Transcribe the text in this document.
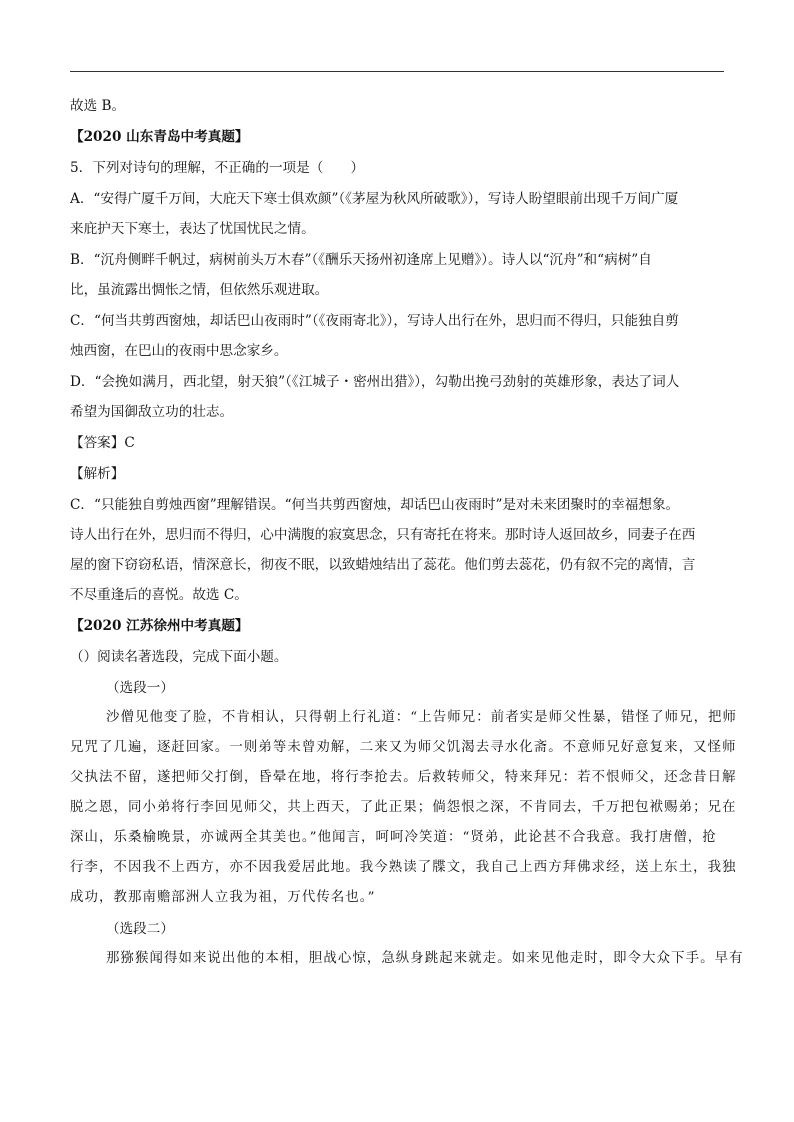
故选 B。

【2020 山东青岛中考真题】

5．下列对诗句的理解，不正确的一项是（　　）

A．“安得广厦千万间，大庇天下寒士俱欢颜”（《茅屋为秋风所破歌》），写诗人盼望眼前出现千万间广厦

来庇护天下寒士，表达了忧国忧民之情。

B．“沉舟侧畔千帆过，病树前头万木春”（《酬乐天扬州初逢席上见赠》）。诗人以“沉舟”和“病树”自

比，虽流露出惆怅之情，但依然乐观进取。

C．“何当共剪西窗烛，却话巴山夜雨时”（《夜雨寄北》），写诗人出行在外，思归而不得归，只能独自剪

烛西窗，在巴山的夜雨中思念家乡。

D．“会挽如满月，西北望，射天狼”（《江城子・密州出猎》），勾勒出挽弓劲射的英雄形象，表达了词人

希望为国御敌立功的壮志。

【答案】C

【解析】

C．“只能独自剪烛西窗”理解错误。“何当共剪西窗烛，却话巴山夜雨时”是对未来团聚时的幸福想象。

诗人出行在外，思归而不得归，心中满腹的寂寞思念，只有寄托在将来。那时诗人返回故乡，同妻子在西

屋的窗下窃窃私语，情深意长，彻夜不眠，以致蜡烛结出了蕊花。他们剪去蕊花，仍有叙不完的离情，言

不尽重逢后的喜悦。故选 C。

【2020 江苏徐州中考真题】

（）阅读名著选段，完成下面小题。

（选段一）

沙僧见他变了脸，不肯相认，只得朝上行礼道：“上告师兄：前者实是师父性暴，错怪了师兄，把师

兄咒了几遍，逐赶回家。一则弟等未曾劝解，二来又为师父饥渴去寻水化斋。不意师兄好意复来，又怪师

父执法不留，遂把师父打倒，昏晕在地，将行李抢去。后救转师父，特来拜兄：若不恨师父，还念昔日解

脱之恩，同小弟将行李回见师父，共上西天，了此正果；倘怨恨之深，不肯同去，千万把包袱赐弟；兄在

深山，乐桑榆晚景，亦诚两全其美也。”他闻言，呵呵冷笑道：“贤弟，此论甚不合我意。我打唐僧，抢

行李，不因我不上西方，亦不因我爱居此地。我今熟读了牒文，我自己上西方拜佛求经，送上东土，我独

成功，教那南赡部洲人立我为祖，万代传名也。”

（选段二）

那猕猴闻得如来说出他的本相，胆战心惊，急纵身跳起来就走。如来见他走时，即令大众下手。早有
